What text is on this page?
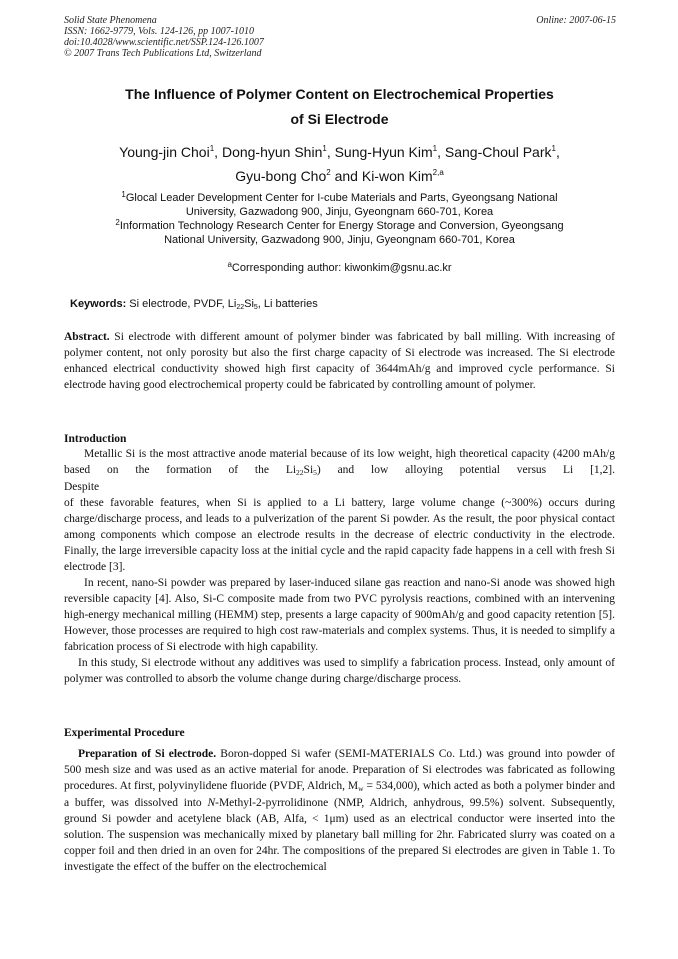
Solid State Phenomena
ISSN: 1662-9779, Vols. 124-126, pp 1007-1010
doi:10.4028/www.scientific.net/SSP.124-126.1007
© 2007 Trans Tech Publications Ltd, Switzerland
Online: 2007-06-15
The Influence of Polymer Content on Electrochemical Properties
of Si Electrode
Young-jin Choi$^1$, Dong-hyun Shin$^1$, Sung-Hyun Kim$^1$, Sang-Choul Park$^1$,
Gyu-bong Cho$^2$ and Ki-won Kim$^{2,a}$
$^1$Glocal Leader Development Center for I-cube Materials and Parts, Gyeongsang National
University, Gazwadong 900, Jinju, Gyeongnam 660-701, Korea
$^2$Information Technology Research Center for Energy Storage and Conversion, Gyeongsang
National University, Gazwadong 900, Jinju, Gyeongnam 660-701, Korea
$^a$Corresponding author: kiwonkim@gsnu.ac.kr
Keywords: Si electrode, PVDF, $Li_{22}Si_5$, Li batteries

Abstract. Si electrode with different amount of polymer binder was fabricated by ball milling. With increasing of polymer content, not only porosity but also the first charge capacity of Si electrode was increased. The Si electrode enhanced electrical conductivity showed high first capacity of 3644mAh/g and improved cycle performance. Si electrode having good electrochemical property could be fabricated by controlling amount of polymer.

Introduction

Metallic Si is the most attractive anode material because of its low weight, high theoretical capacity (4200 mAh/g based on the formation of the $Li_{22}Si_5$) and low alloying potential versus Li [1,2].

Despite

of these favorable features, when Si is applied to a Li battery, large volume change (~300%) occurs during charge/discharge process, and leads to a pulverization of the parent Si powder. As the result, the poor physical contact among components which compose an electrode results in the decrease of electric conductivity in the electrode. Finally, the large irreversible capacity loss at the initial cycle and the rapid capacity fade happens in a cell with fresh Si electrode [3].

In recent, nano-Si powder was prepared by laser-induced silane gas reaction and nano-Si anode was showed high reversible capacity [4]. Also, Si-C composite made from two PVC pyrolysis reactions, combined with an intervening high-energy mechanical milling (HEMM) step, presents a large capacity of 900mAh/g and good capacity retention [5]. However, those processes are required to high cost raw-materials and complex systems. Thus, it is needed to simplify a fabrication process of Si electrode with high capability.

In this study, Si electrode without any additives was used to simplify a fabrication process. Instead, only amount of polymer was controlled to absorb the volume change during charge/discharge process.

Experimental Procedure

Preparation of Si electrode. Boron-dopped Si wafer (SEMI-MATERIALS Co. Ltd.) was ground into powder of 500 mesh size and was used as an active material for anode. Preparation of Si electrodes was fabricated as following procedures. At first, polyvinylidene fluoride (PVDF, Aldrich, $M_w = 534,000$), which acted as both a polymer binder and a buffer, was dissolved into N-Methyl-2-pyrrolidinone (NMP, Aldrich, anhydrous, 99.5%) solvent. Subsequently, ground Si powder and acetylene black (AB, Alfa, < 1μm) used as an electrical conductor were inserted into the solution. The suspension was mechanically mixed by planetary ball milling for 2hr. Fabricated slurry was coated on a copper foil and then dried in an oven for 24hr. The compositions of the prepared Si electrodes are given in Table 1. To investigate the effect of the buffer on the electrochemical
